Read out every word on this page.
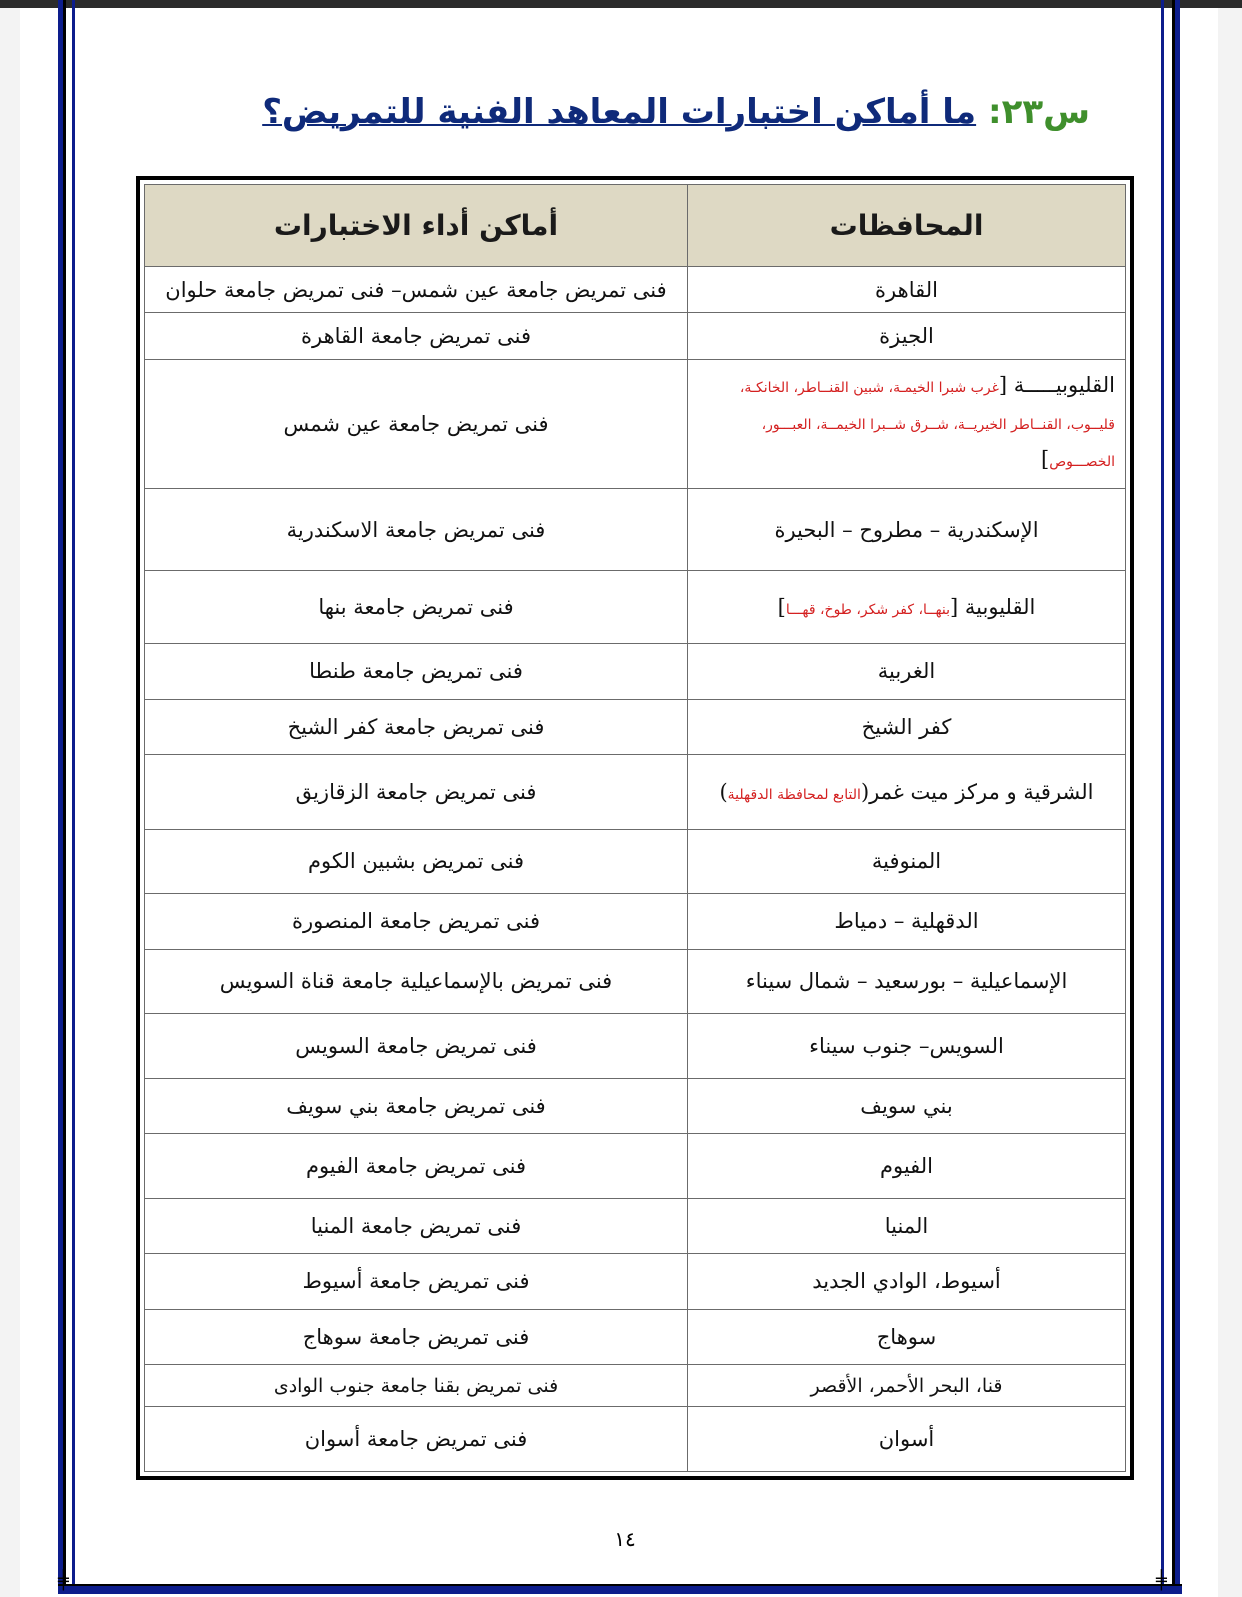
╪	╪
س٢٣: ما أماكن اختبارات المعاهد الفنية للتمريض؟
المحافظات	أماكن أداء الاختبارات
القاهرة	فنى تمريض جامعة عين شمس– فنى تمريض جامعة حلوان
الجيزة	فنى تمريض جامعة القاهرة
القليوبيـــــة [غرب شبرا الخيمـة، شبين القنــاطر، الخانكـة، قليــوب، القنــاطر الخيريــة، شــرق شــبرا الخيمــة، العبـــور، الخصـــوص]	فنى تمريض جامعة عين شمس
الإسكندرية – مطروح – البحيرة	فنى تمريض جامعة الاسكندرية
القليوبية [بنهــا، كفر شكر، طوخ، قهـــا]	فنى تمريض جامعة بنها
الغربية	فنى تمريض جامعة طنطا
كفر الشيخ	فنى تمريض جامعة كفر الشيخ
الشرقية و مركز ميت غمر(التابع لمحافظة الدقهلية)	فنى تمريض جامعة الزقازيق
المنوفية	فنى تمريض بشبين الكوم
الدقهلية – دمياط	فنى تمريض جامعة المنصورة
الإسماعيلية – بورسعيد – شمال سيناء	فنى تمريض بالإسماعيلية جامعة قناة السويس
السويس– جنوب سيناء	فنى تمريض جامعة السويس
بني سويف	فنى تمريض جامعة بني سويف
الفيوم	فنى تمريض جامعة الفيوم
المنيا	فنى تمريض جامعة المنيا
أسيوط، الوادي الجديد	فنى تمريض جامعة أسيوط
سوهاج	فنى تمريض جامعة سوهاج
قنا، البحر الأحمر، الأقصر	فنى تمريض بقنا جامعة جنوب الوادى
أسوان	فنى تمريض جامعة أسوان
١٤
